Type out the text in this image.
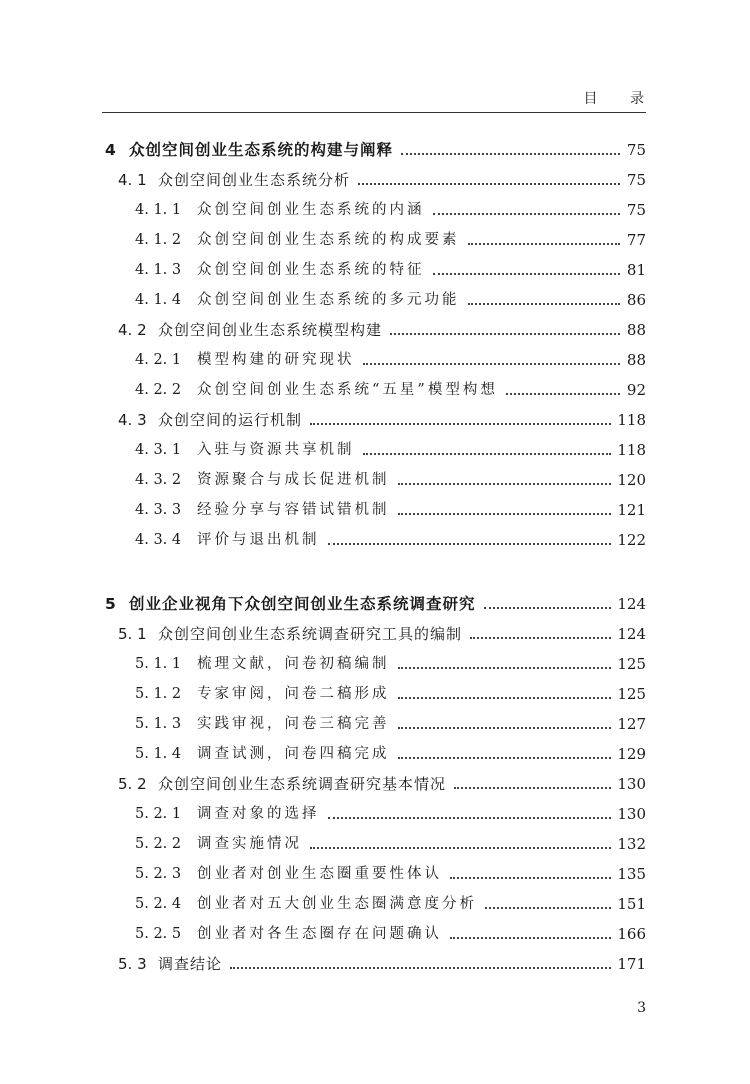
目 录
4 众创空间创业生态系统的构建与阐释	75
4. 1 众创空间创业生态系统分析	75
4. 1. 1	众创空间创业生态系统的内涵	75
4. 1. 2	众创空间创业生态系统的构成要素	77
4. 1. 3	众创空间创业生态系统的特征	81
4. 1. 4	众创空间创业生态系统的多元功能	86
4. 2 众创空间创业生态系统模型构建	88
4. 2. 1	模型构建的研究现状	88
4. 2. 2	众创空间创业生态系统“五星”模型构想	92
4. 3 众创空间的运行机制	118
4. 3. 1	入驻与资源共享机制	118
4. 3. 2	资源聚合与成长促进机制	120
4. 3. 3	经验分享与容错试错机制	121
4. 3. 4	评价与退出机制	122
5 创业企业视角下众创空间创业生态系统调查研究	124
5. 1 众创空间创业生态系统调查研究工具的编制	124
5. 1. 1	梳理文献，问卷初稿编制	125
5. 1. 2	专家审阅，问卷二稿形成	125
5. 1. 3	实践审视，问卷三稿完善	127
5. 1. 4	调查试测，问卷四稿完成	129
5. 2 众创空间创业生态系统调查研究基本情况	130
5. 2. 1	调查对象的选择	130
5. 2. 2	调查实施情况	132
5. 2. 3	创业者对创业生态圈重要性体认	135
5. 2. 4	创业者对五大创业生态圈满意度分析	151
5. 2. 5	创业者对各生态圈存在问题确认	166
5. 3 调查结论	171
3
